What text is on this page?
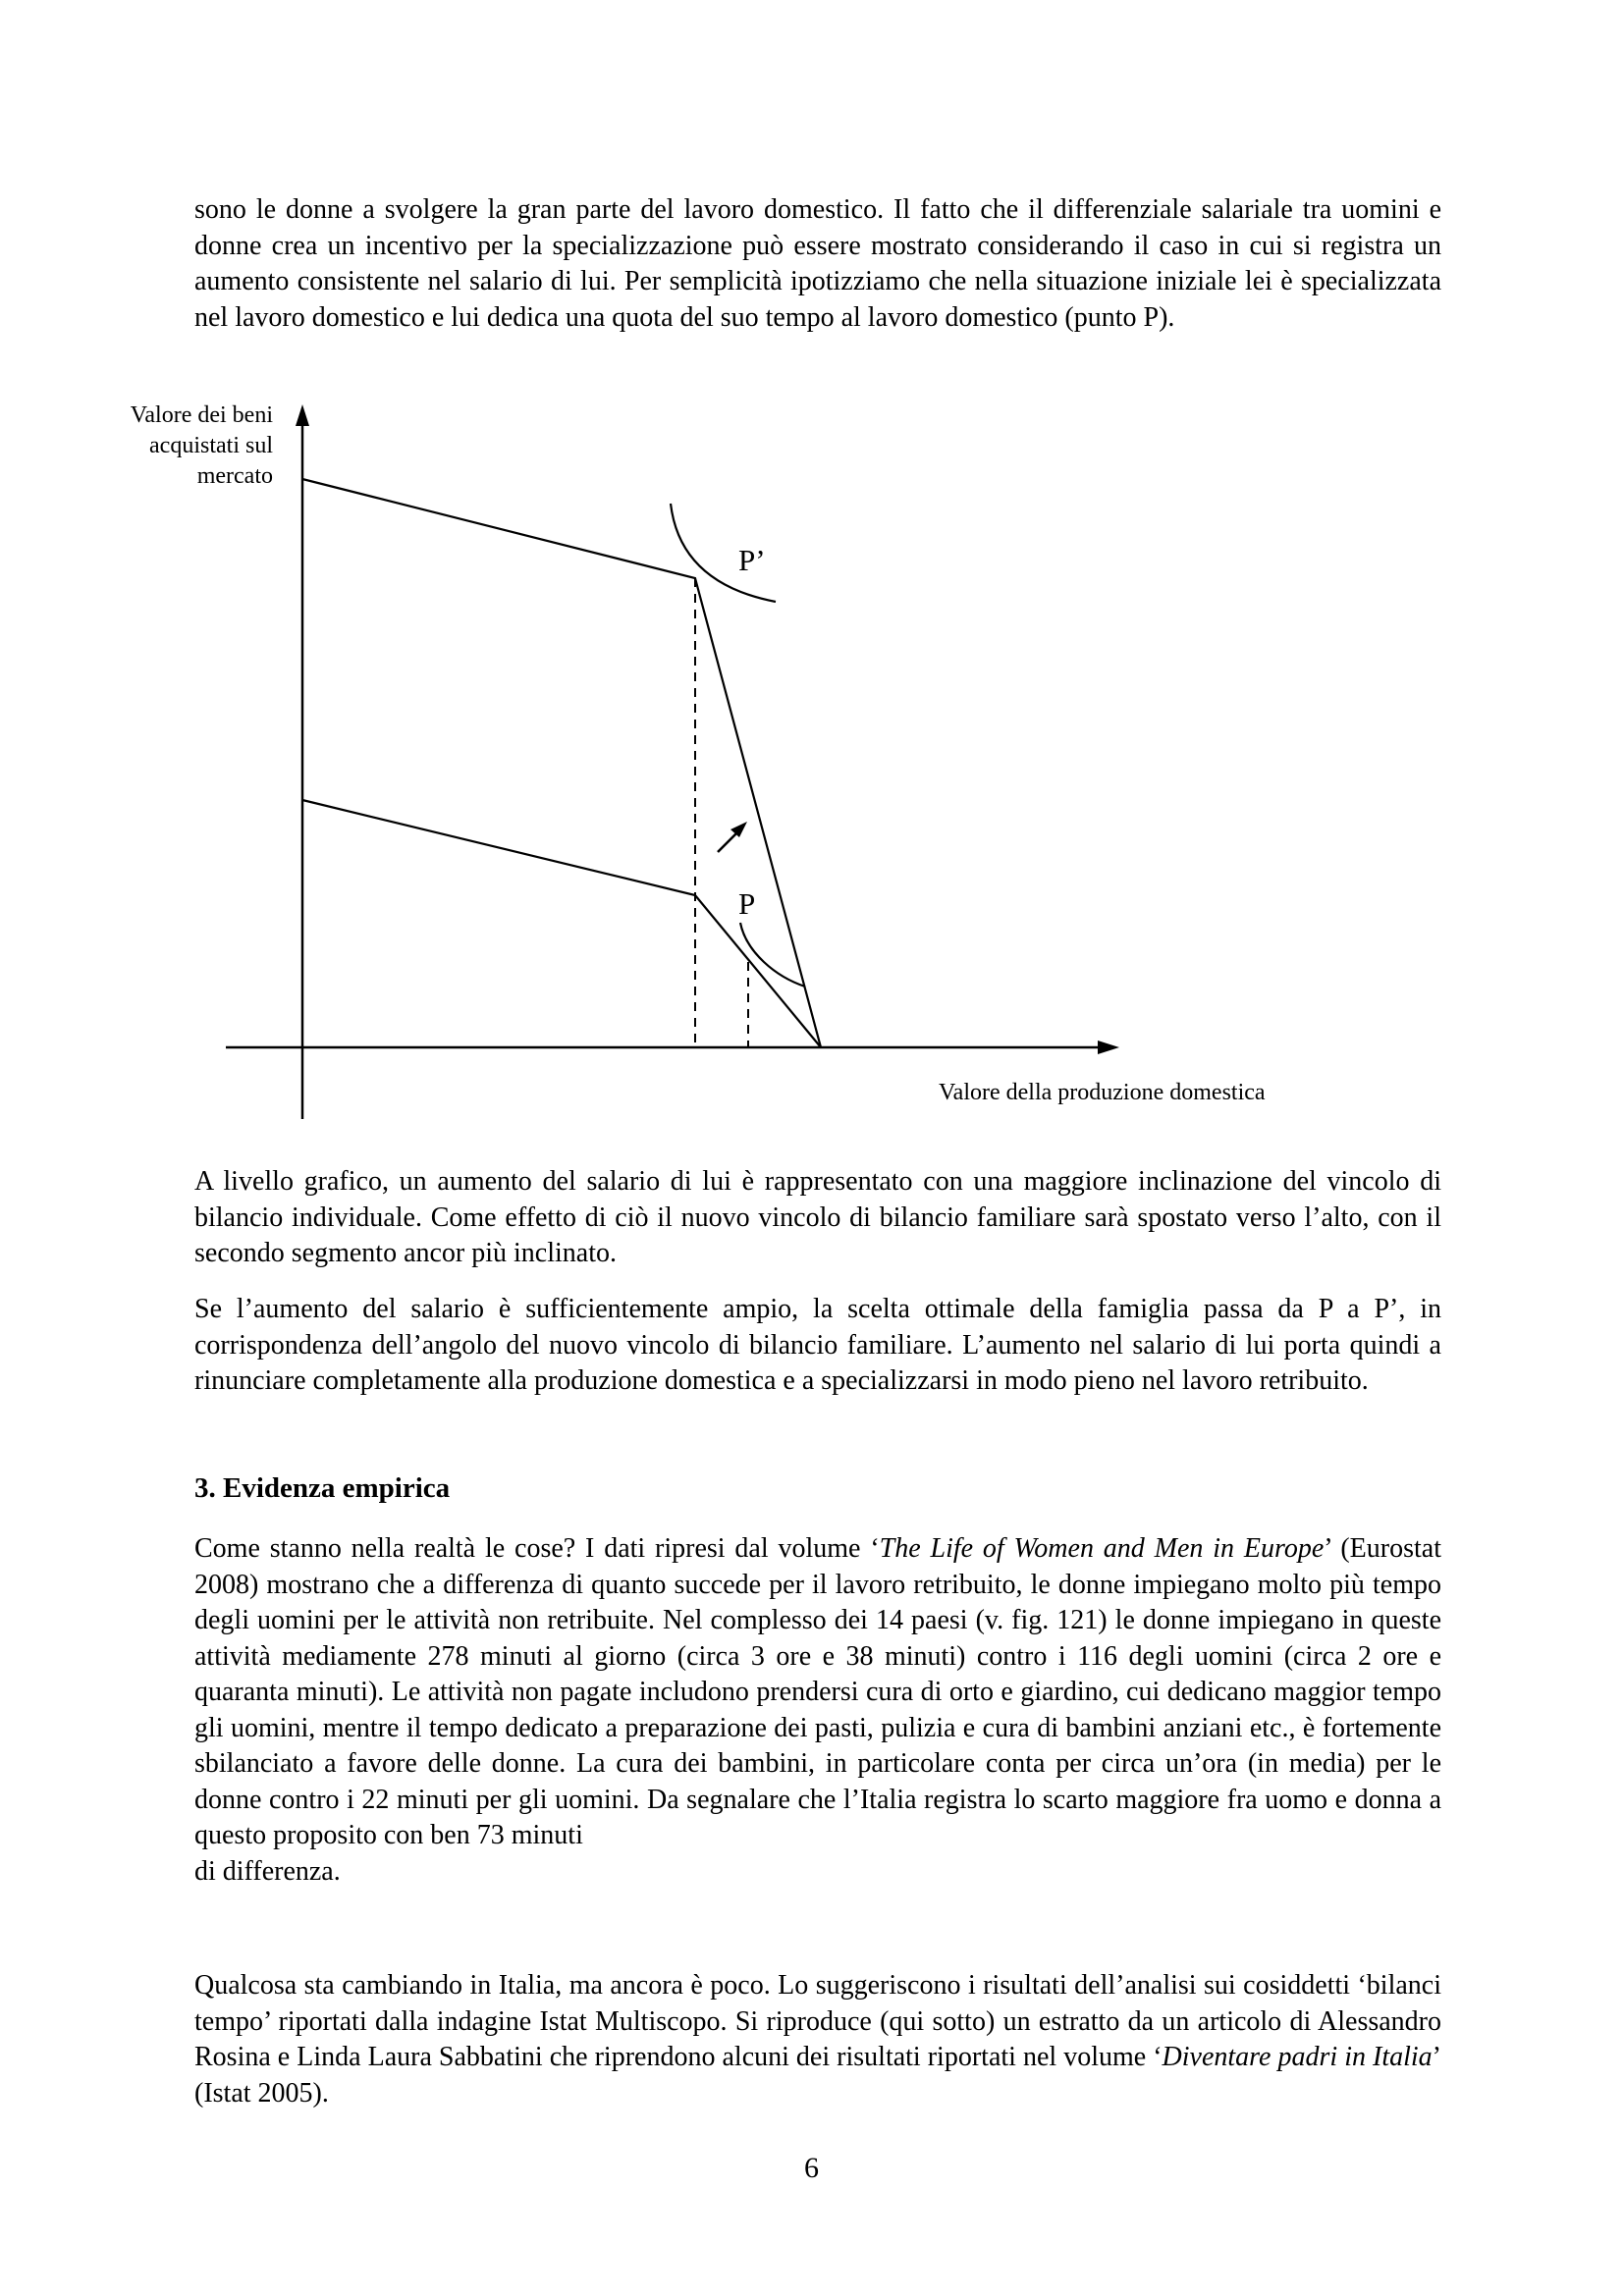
sono le donne a svolgere la gran parte del lavoro domestico. Il fatto che il differenziale salariale tra uomini e donne crea un incentivo per la specializzazione può essere mostrato considerando il caso in cui si registra un aumento consistente nel salario di lui. Per semplicità ipotizziamo che nella situazione iniziale lei è specializzata nel lavoro domestico e lui dedica una quota del suo tempo al lavoro domestico (punto P).

Valore dei beni
acquistati sul
mercato
P’
P
Valore della produzione domestica

A livello grafico, un aumento del salario di lui è rappresentato con una maggiore inclinazione del vincolo di bilancio individuale. Come effetto di ciò il nuovo vincolo di bilancio familiare sarà spostato verso l’alto, con il secondo segmento ancor più inclinato.

Se l’aumento del salario è sufficientemente ampio, la scelta ottimale della famiglia passa da P a P’, in corrispondenza dell’angolo del nuovo vincolo di bilancio familiare. L’aumento nel salario di lui porta quindi a rinunciare completamente alla produzione domestica e a specializzarsi in modo pieno nel lavoro retribuito.

3. Evidenza empirica

Come stanno nella realtà le cose? I dati ripresi dal volume ‘The Life of Women and Men in Europe’ (Eurostat 2008) mostrano che a differenza di quanto succede per il lavoro retribuito, le donne impiegano molto più tempo degli uomini per le attività non retribuite. Nel complesso dei 14 paesi (v. fig. 121) le donne impiegano in queste attività mediamente 278 minuti al giorno (circa 3 ore e 38 minuti) contro i 116 degli uomini (circa 2 ore e quaranta minuti). Le attività non pagate includono prendersi cura di orto e giardino, cui dedicano maggior tempo gli uomini, mentre il tempo dedicato a preparazione dei pasti, pulizia e cura di bambini anziani etc., è fortemente sbilanciato a favore delle donne. La cura dei bambini, in particolare conta per circa un’ora (in media) per le donne contro i 22 minuti per gli uomini. Da segnalare che l’Italia registra lo scarto maggiore fra uomo e donna a questo proposito con ben 73 minuti
di differenza.

Qualcosa sta cambiando in Italia, ma ancora è poco. Lo suggeriscono i risultati dell’analisi sui cosiddetti ‘bilanci tempo’ riportati dalla indagine Istat Multiscopo. Si riproduce (qui sotto) un estratto da un articolo di Alessandro Rosina e Linda Laura Sabbatini che riprendono alcuni dei risultati riportati nel volume ‘Diventare padri in Italia’ (Istat 2005).

6
